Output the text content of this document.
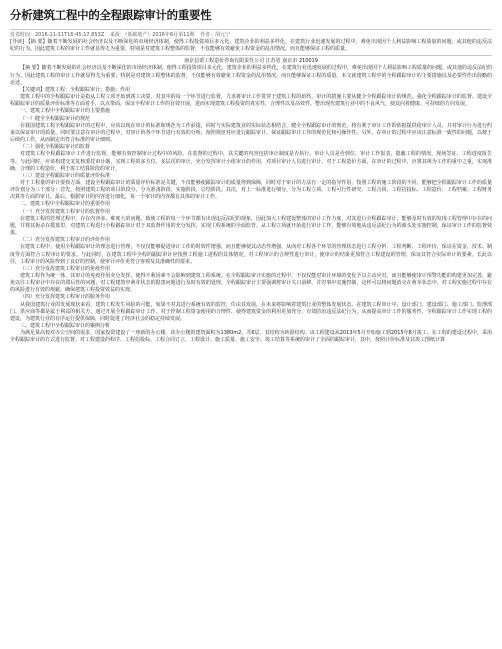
分析建筑工程中的全程跟踪审计的重要性
发表时间：2016-11-11T16:45:17.853Z 来源：《低碳地产》2016年6月第11期 作者：胡元宁

[导读] 【摘 要】随着不断发展的社会经济以及不断深化的市场经济体制，使得工程投资项目多元化、建筑企业的利益多样化，在建筑行业迅速发展的过程中，难免出现因个人利益影响工程质量的问题，或其他的违反法纪的行为。因此建筑工程的审计工作就显得尤为重要，特别是对建筑工程整体的监督，不仅能够有效避免工程资金的乱用情况，而且能够保证工程的质量。

南京信诺工程造价咨询有限责任公司 江苏省 南京市 210019

【摘 要】随着不断发展的社会经济以及不断深化的市场经济体制，使得工程投资项目多元化、建筑企业的利益多样化，在建筑行业迅速发展的过程中，难免出现因个人利益影响工程质量的问题，或其他的违反法纪的行为。因此建筑工程的审计工作就显得尤为重要，特别是对建筑工程整体的监督，不仅能够有效避免工程资金的乱用情况，而且能够保证工程的质量。本文就建筑工程中的全程跟踪审计的主要措施以及必要性作出简略的论述。

【关键词】建筑工程；全程跟踪审计；措施；作用

建筑工程中的全程跟踪审计是指从工程立项开始到竣工决算，对其中的每一个环节进行监督，力求将审计工作贯穿于建筑工程的始终。审计的措施主要从健全全程跟踪审计的规范、强化全程跟踪审计的监督、建设全程跟踪审计的质量评价标准等方面着手，以点带面，保证全程审计工作的有效开展，进而实现建筑工程投资的真实性，合理性以及高效性。整治现代建筑行业中的不良风气，使其向着健康、可持续的方向发展。

一、建筑工程中全程跟踪审计的主要措施

（一）健全全程跟踪审计的规范

在我国建筑工程全程跟踪审计的过程中，应该以现在审计的标准和规范为工作前提，同时与实际建筑业的实际状态相结合，健全全程跟踪审计的规范。将有利于审计工作的依据提供给审计人员，并对审计行为进行约束以保证审计的质量。同时要注意在审计的过程中，对审计的各个环节进行有效的分析，按照规范对应进行跟踪审计，保证跟踪审计工作的规范化和可操作性。另外，在审计的过程中应该注意标准一致性的问题，以便于后续的工作，从而制定出符合标准的审计细则。

（二）强化全程跟踪审计的监督

对建筑工程全程跟踪审计工作进行监督，能够有效控制审计过程中的风险。在监督的过程中，其关键的内容包括审计制度是否执行、审计人员是否到位、审计工作报表、隐蔽工程的情况、现场签证、工程进度报告等。与此同时，应该构建交叉复核委托审计制，实现工程的多方位、多层次的审计，充分发挥审计小组审计的作用，对项目审计人员进行审计。对于工程造价方面，在审计的过程中，应将其视为工作的重中之重，实现准确、合理的工程造价，利于竣工结算阶段的审计。

（三）建设全程跟踪审计的质量评价标准

对于工程量的审计要按方面，建设全程跟踪审计的质量评价标准是关键，不仅能够使跟踪审计的质量得到保障，同时对于审计的方法有一定的指导作用。按照工程的施工阶段的不同，能够把全程跟踪审计工作的质量评价划分为三个部分：首先，按照建筑工程的项目阶段分，分为准备阶段、实施阶段、总结阶段。其次，对上一标准进行细分，分为工程立项、工程可行性研究、工程合同、工程招投标、工程造价、工程档案、工程财务决算等方面的审计。最后，根据审计的内容进行细化，每一个审计的内容都有具体的审计工作。

二、建筑工程中全程跟踪审计的重要作用

（一）充分发挥建筑工程审计的监督作用

在建筑工程的管理过程中，存在内容多、难度大的问题，致使工程的每一个环节都有出现违反法纪的现象，因此加大工程建设整体的审计工作力度，对其进行全程跟踪审计，能够及时有效的发现工程管理中存在的问题，并将其扼杀在摇篮里。对建筑工程进行全程跟踪审计对于其监督作用的充分发挥，实现工程系统的全面监管。从工程立项就开始进行审计工作，能够有效地从违反法纪行为的源头处实施控制，保证审计工作的监督效果。

（二）充分发挥建筑工程审计的评价作用

在建筑工程中，使用全程跟踪审计的理念进行管理，不仅仅能够促进审计工作的时效性增强，而且能够使其动态性增强，从而对工程各个环节的管理状态进行工程分析、工程判断、工程评价，保证在资金、技术、制度等方面符合工程审计的要求。与此同时，在建筑工程中全程的跟踪审计应按照工程施工进程的具体情况，对工程审计的合规性进行审计，使审计的结果更加符合工程建设的管理，保证其符合实际审计的要素。长此以往，工程审计的风险得到了良好的控制，使审计评价更符合客观及其准确性的要求。

（三）充分发挥建筑工程审计的免疫作用

建筑工程作为统一体，其审计的免疫作用充分发挥，使得不利因素不会影响到建筑工程系统。在全程跟踪审计实施的过程中，不仅仅能对审计环境的变化予以主动应对，而且能够使审计预警功能的构建更加完善，避免以往工程审计中存在的滞后性的问题，对工程建筑中萌芽状态的隐患问题进行及时有效的处理。全程跟踪审计主要强调将审计关口前移，并对事中实施控制，这样可以将问题消灭在萌芽状态中，对工程实施过程中存在的风险进行有效的规避，确保建筑工程投资效益的实现。

（四）充分发挥建筑工程审计的服务作用

从我国建筑行业的发展现状来看，建筑工程发生风险的可能，如果不对其进行系统有效的监控，任由其发展，在未来将影响着建筑行业的整体发展状态。在建筑工程审计中，设计部门、建设部门、施工部门、监理部门、供应商等都是属于利益的相关方。通过开展全程跟踪审计工作，对于控制工程资金使用的合理性、使得建筑资金的利用更加充分，有效防治违反法纪行为，从而提高审计工作的服务性，全程跟踪审计工作实现工程的建设，为建筑行业的有序运行提供保障，同时促进了经济社会的稳定持续发展。

三、建筑工程中全程跟踪审计的案例分析

为满足某高校对办公空间的需求，国家投资建设了一座新的办公楼。该办公楼的建筑面积为1380m2，共6层，其结构为砖混结构。该工程建设从2013年5月开始施工到2015年8月竣工。在工程的建设过程中，采用全程跟踪审计的方式进行监督。对工程建设的程序、工程招投标、工程合同订立、工程设计、施工质量、施工安全、竣工结算等系统的审计了全面的跟踪审计，其中，按照计价标准及其竣工图纸计算
